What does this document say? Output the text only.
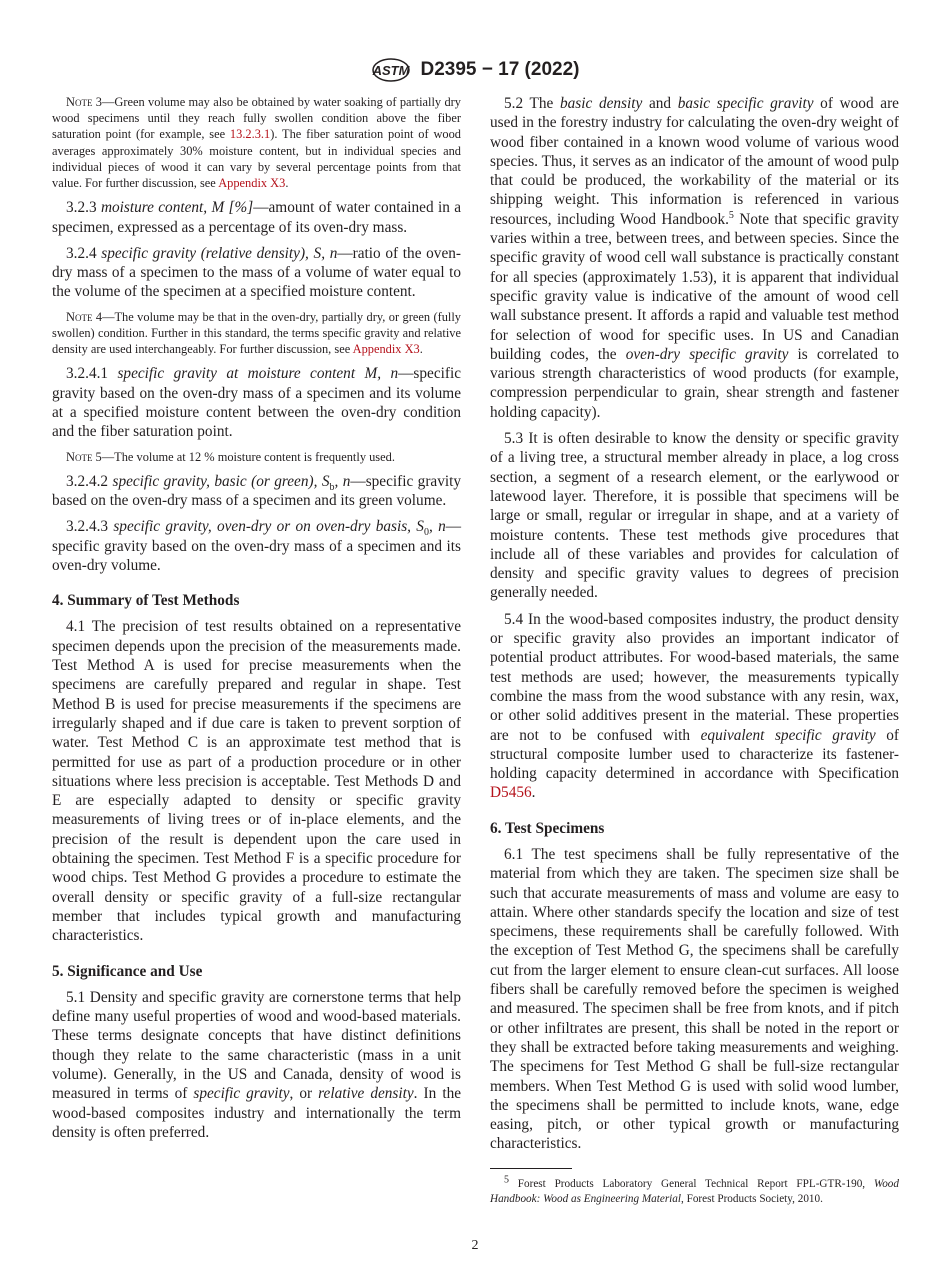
ASTM D2395 − 17 (2022)

Note 3—Green volume may also be obtained by water soaking of partially dry wood specimens until they reach fully swollen condition above the fiber saturation point (for example, see 13.2.3.1). The fiber saturation point of wood averages approximately 30% moisture content, but in individual species and individual pieces of wood it can vary by several percentage points from that value. For further discussion, see Appendix X3.

3.2.3 moisture content, M [%]—amount of water contained in a specimen, expressed as a percentage of its oven-dry mass.

3.2.4 specific gravity (relative density), S, n—ratio of the oven-dry mass of a specimen to the mass of a volume of water equal to the volume of the specimen at a specified moisture content.

Note 4—The volume may be that in the oven-dry, partially dry, or green (fully swollen) condition. Further in this standard, the terms specific gravity and relative density are used interchangeably. For further discussion, see Appendix X3.

3.2.4.1 specific gravity at moisture content M, n—specific gravity based on the oven-dry mass of a specimen and its volume at a specified moisture content between the oven-dry condition and the fiber saturation point.

Note 5—The volume at 12 % moisture content is frequently used.

3.2.4.2 specific gravity, basic (or green), $S_b$, n—specific gravity based on the oven-dry mass of a specimen and its green volume.

3.2.4.3 specific gravity, oven-dry or on oven-dry basis, $S_0$, n—specific gravity based on the oven-dry mass of a specimen and its oven-dry volume.

4. Summary of Test Methods

4.1 The precision of test results obtained on a representative specimen depends upon the precision of the measurements made. Test Method A is used for precise measurements when the specimens are carefully prepared and regular in shape. Test Method B is used for precise measurements if the specimens are irregularly shaped and if due care is taken to prevent sorption of water. Test Method C is an approximate test method that is permitted for use as part of a production procedure or in other situations where less precision is acceptable. Test Methods D and E are especially adapted to density or specific gravity measurements of living trees or of in-place elements, and the precision of the result is dependent upon the care used in obtaining the specimen. Test Method F is a specific procedure for wood chips. Test Method G provides a procedure to estimate the overall density or specific gravity of a full-size rectangular member that includes typical growth and manufacturing characteristics.

5. Significance and Use

5.1 Density and specific gravity are cornerstone terms that help define many useful properties of wood and wood-based materials. These terms designate concepts that have distinct definitions though they relate to the same characteristic (mass in a unit volume). Generally, in the US and Canada, density of wood is measured in terms of specific gravity, or relative density. In the wood-based composites industry and internationally the term density is often preferred.

5.2 The basic density and basic specific gravity of wood are used in the forestry industry for calculating the oven-dry weight of wood fiber contained in a known wood volume of various wood species. Thus, it serves as an indicator of the amount of wood pulp that could be produced, the workability of the material or its shipping weight. This information is referenced in various resources, including Wood Handbook.$^5$ Note that specific gravity varies within a tree, between trees, and between species. Since the specific gravity of wood cell wall substance is practically constant for all species (approximately 1.53), it is apparent that individual specific gravity value is indicative of the amount of wood cell wall substance present. It affords a rapid and valuable test method for selection of wood for specific uses. In US and Canadian building codes, the oven-dry specific gravity is correlated to various strength characteristics of wood products (for example, compression perpendicular to grain, shear strength and fastener holding capacity).

5.3 It is often desirable to know the density or specific gravity of a living tree, a structural member already in place, a log cross section, a segment of a research element, or the earlywood or latewood layer. Therefore, it is possible that specimens will be large or small, regular or irregular in shape, and at a variety of moisture contents. These test methods give procedures that include all of these variables and provides for calculation of density and specific gravity values to degrees of precision generally needed.

5.4 In the wood-based composites industry, the product density or specific gravity also provides an important indicator of potential product attributes. For wood-based materials, the same test methods are used; however, the measurements typically combine the mass from the wood substance with any resin, wax, or other solid additives present in the material. These properties are not to be confused with equivalent specific gravity of structural composite lumber used to characterize its fastener-holding capacity determined in accordance with Specification D5456.

6. Test Specimens

6.1 The test specimens shall be fully representative of the material from which they are taken. The specimen size shall be such that accurate measurements of mass and volume are easy to attain. Where other standards specify the location and size of test specimens, these requirements shall be carefully followed. With the exception of Test Method G, the specimens shall be carefully cut from the larger element to ensure clean-cut surfaces. All loose fibers shall be carefully removed before the specimen is weighed and measured. The specimen shall be free from knots, and if pitch or other infiltrates are present, this shall be noted in the report or they shall be extracted before taking measurements and weighing. The specimens for Test Method G shall be full-size rectangular members. When Test Method G is used with solid wood lumber, the specimens shall be permitted to include knots, wane, edge easing, pitch, or other typical growth or manufacturing characteristics.

$^5$ Forest Products Laboratory General Technical Report FPL-GTR-190, Wood Handbook: Wood as Engineering Material, Forest Products Society, 2010.
2
